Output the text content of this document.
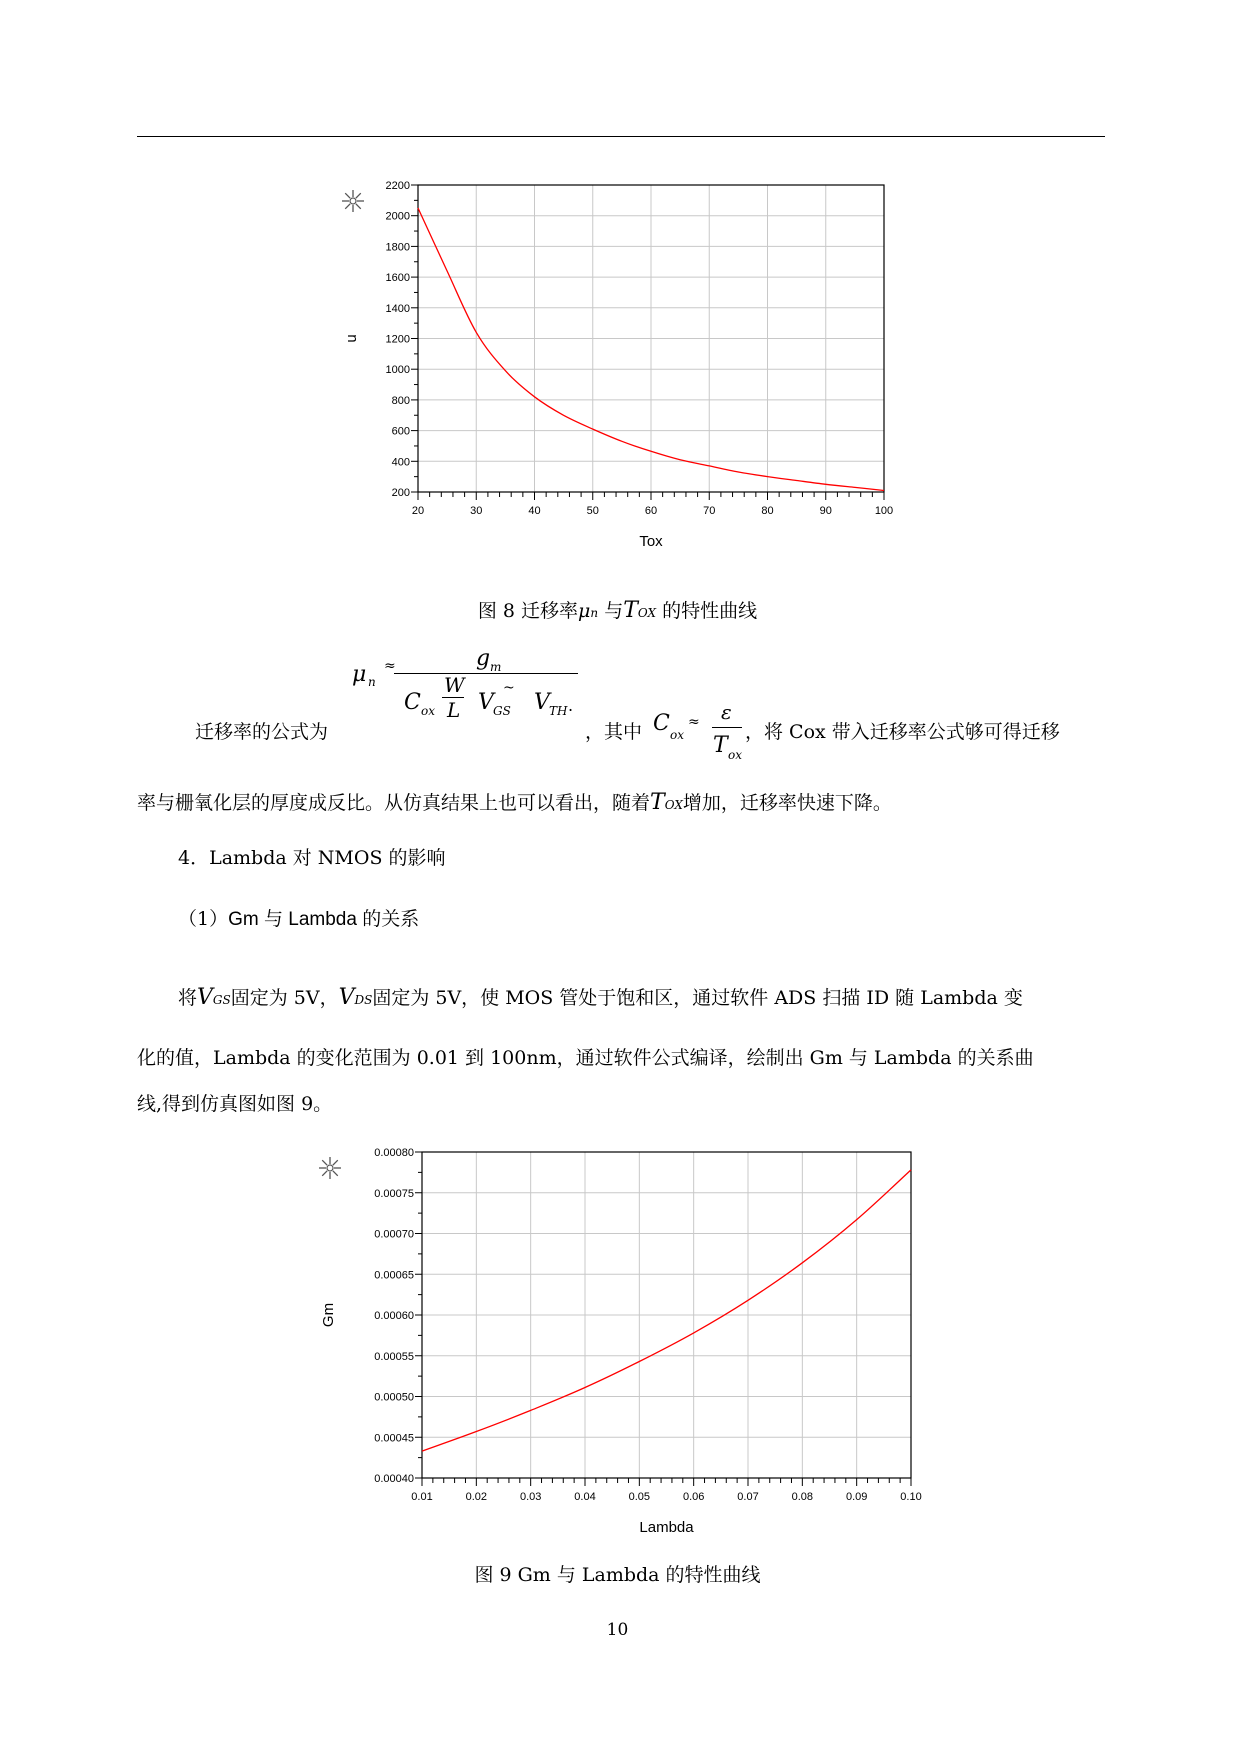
20	30	40	50	60	70	80	90	100
200
400
600
800
1000
1200
1400
1600
1800
2000
2200
Tox
u
图 8 迁移率μn 与TOX 的特性曲线
μ n
≈	g m
C ox
W
L
~
V GS V TH .
迁移率的公式为	，其中 C ox
≈ ε
T ox
，将 Cox 带入迁移率公式够可得迁移
率与栅氧化层的厚度成反比。从仿真结果上也可以看出，随着TOX增加，迁移率快速下降。
4．Lambda 对 NMOS 的影响
（1）Gm 与 Lambda 的关系
将VGS固定为 5V，VDS固定为 5V，使 MOS 管处于饱和区，通过软件 ADS 扫描 ID 随 Lambda 变
化的值，Lambda 的变化范围为 0.01 到 100nm，通过软件公式编译，绘制出 Gm 与 Lambda 的关系曲
线,得到仿真图如图 9。
0.01	0.02	0.03	0.04	0.05	0.06	0.07	0.08	0.09	0.10
0.00040
0.00045
0.00050
0.00055
0.00060
0.00065
0.00070
0.00075
0.00080
Lambda
Gm
图 9 Gm 与 Lambda 的特性曲线
10
